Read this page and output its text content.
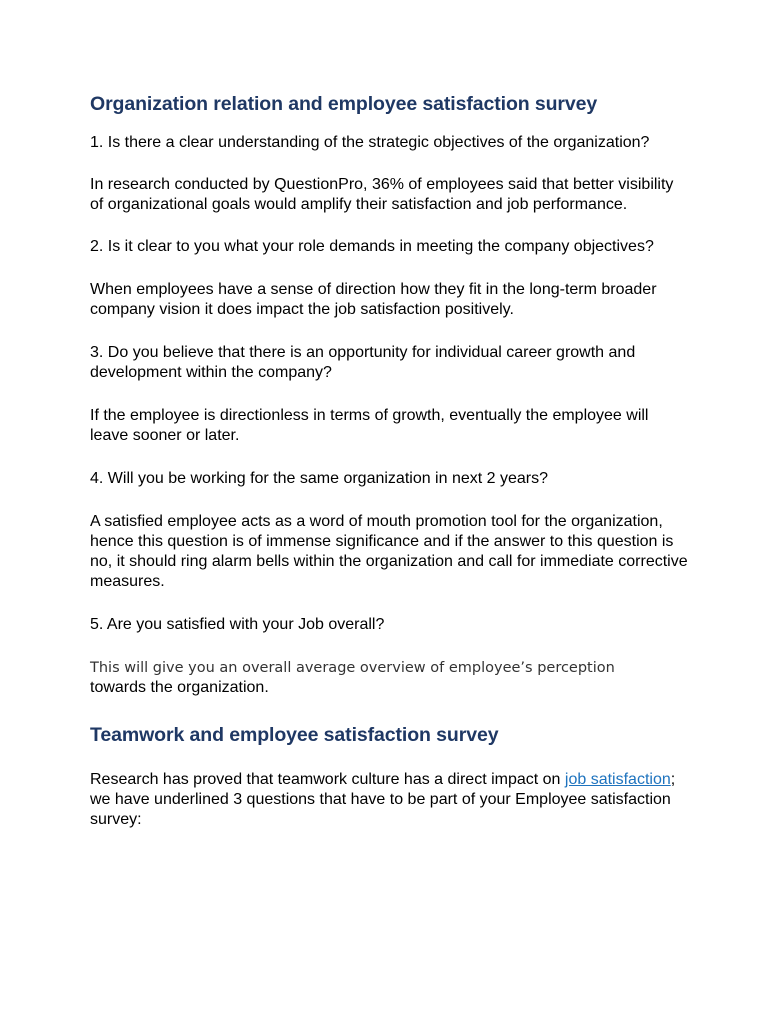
Organization relation and employee satisfaction survey

1. Is there a clear understanding of the strategic objectives of the organization?

In research conducted by QuestionPro, 36% of employees said that better visibility of organizational goals would amplify their satisfaction and job performance.

2. Is it clear to you what your role demands in meeting the company objectives?

When employees have a sense of direction how they fit in the long-term broader company vision it does impact the job satisfaction positively.

3. Do you believe that there is an opportunity for individual career growth and development within the company?

If the employee is directionless in terms of growth, eventually the employee will leave sooner or later.

4. Will you be working for the same organization in next 2 years?

A satisfied employee acts as a word of mouth promotion tool for the organization, hence this question is of immense significance and if the answer to this question is no, it should ring alarm bells within the organization and call for immediate corrective measures.

5. Are you satisfied with your Job overall?

This will give you an overall average overview of employee’s perception
towards the organization.

Teamwork and employee satisfaction survey

Research has proved that teamwork culture has a direct impact on job satisfaction; we have underlined 3 questions that have to be part of your Employee satisfaction survey:
